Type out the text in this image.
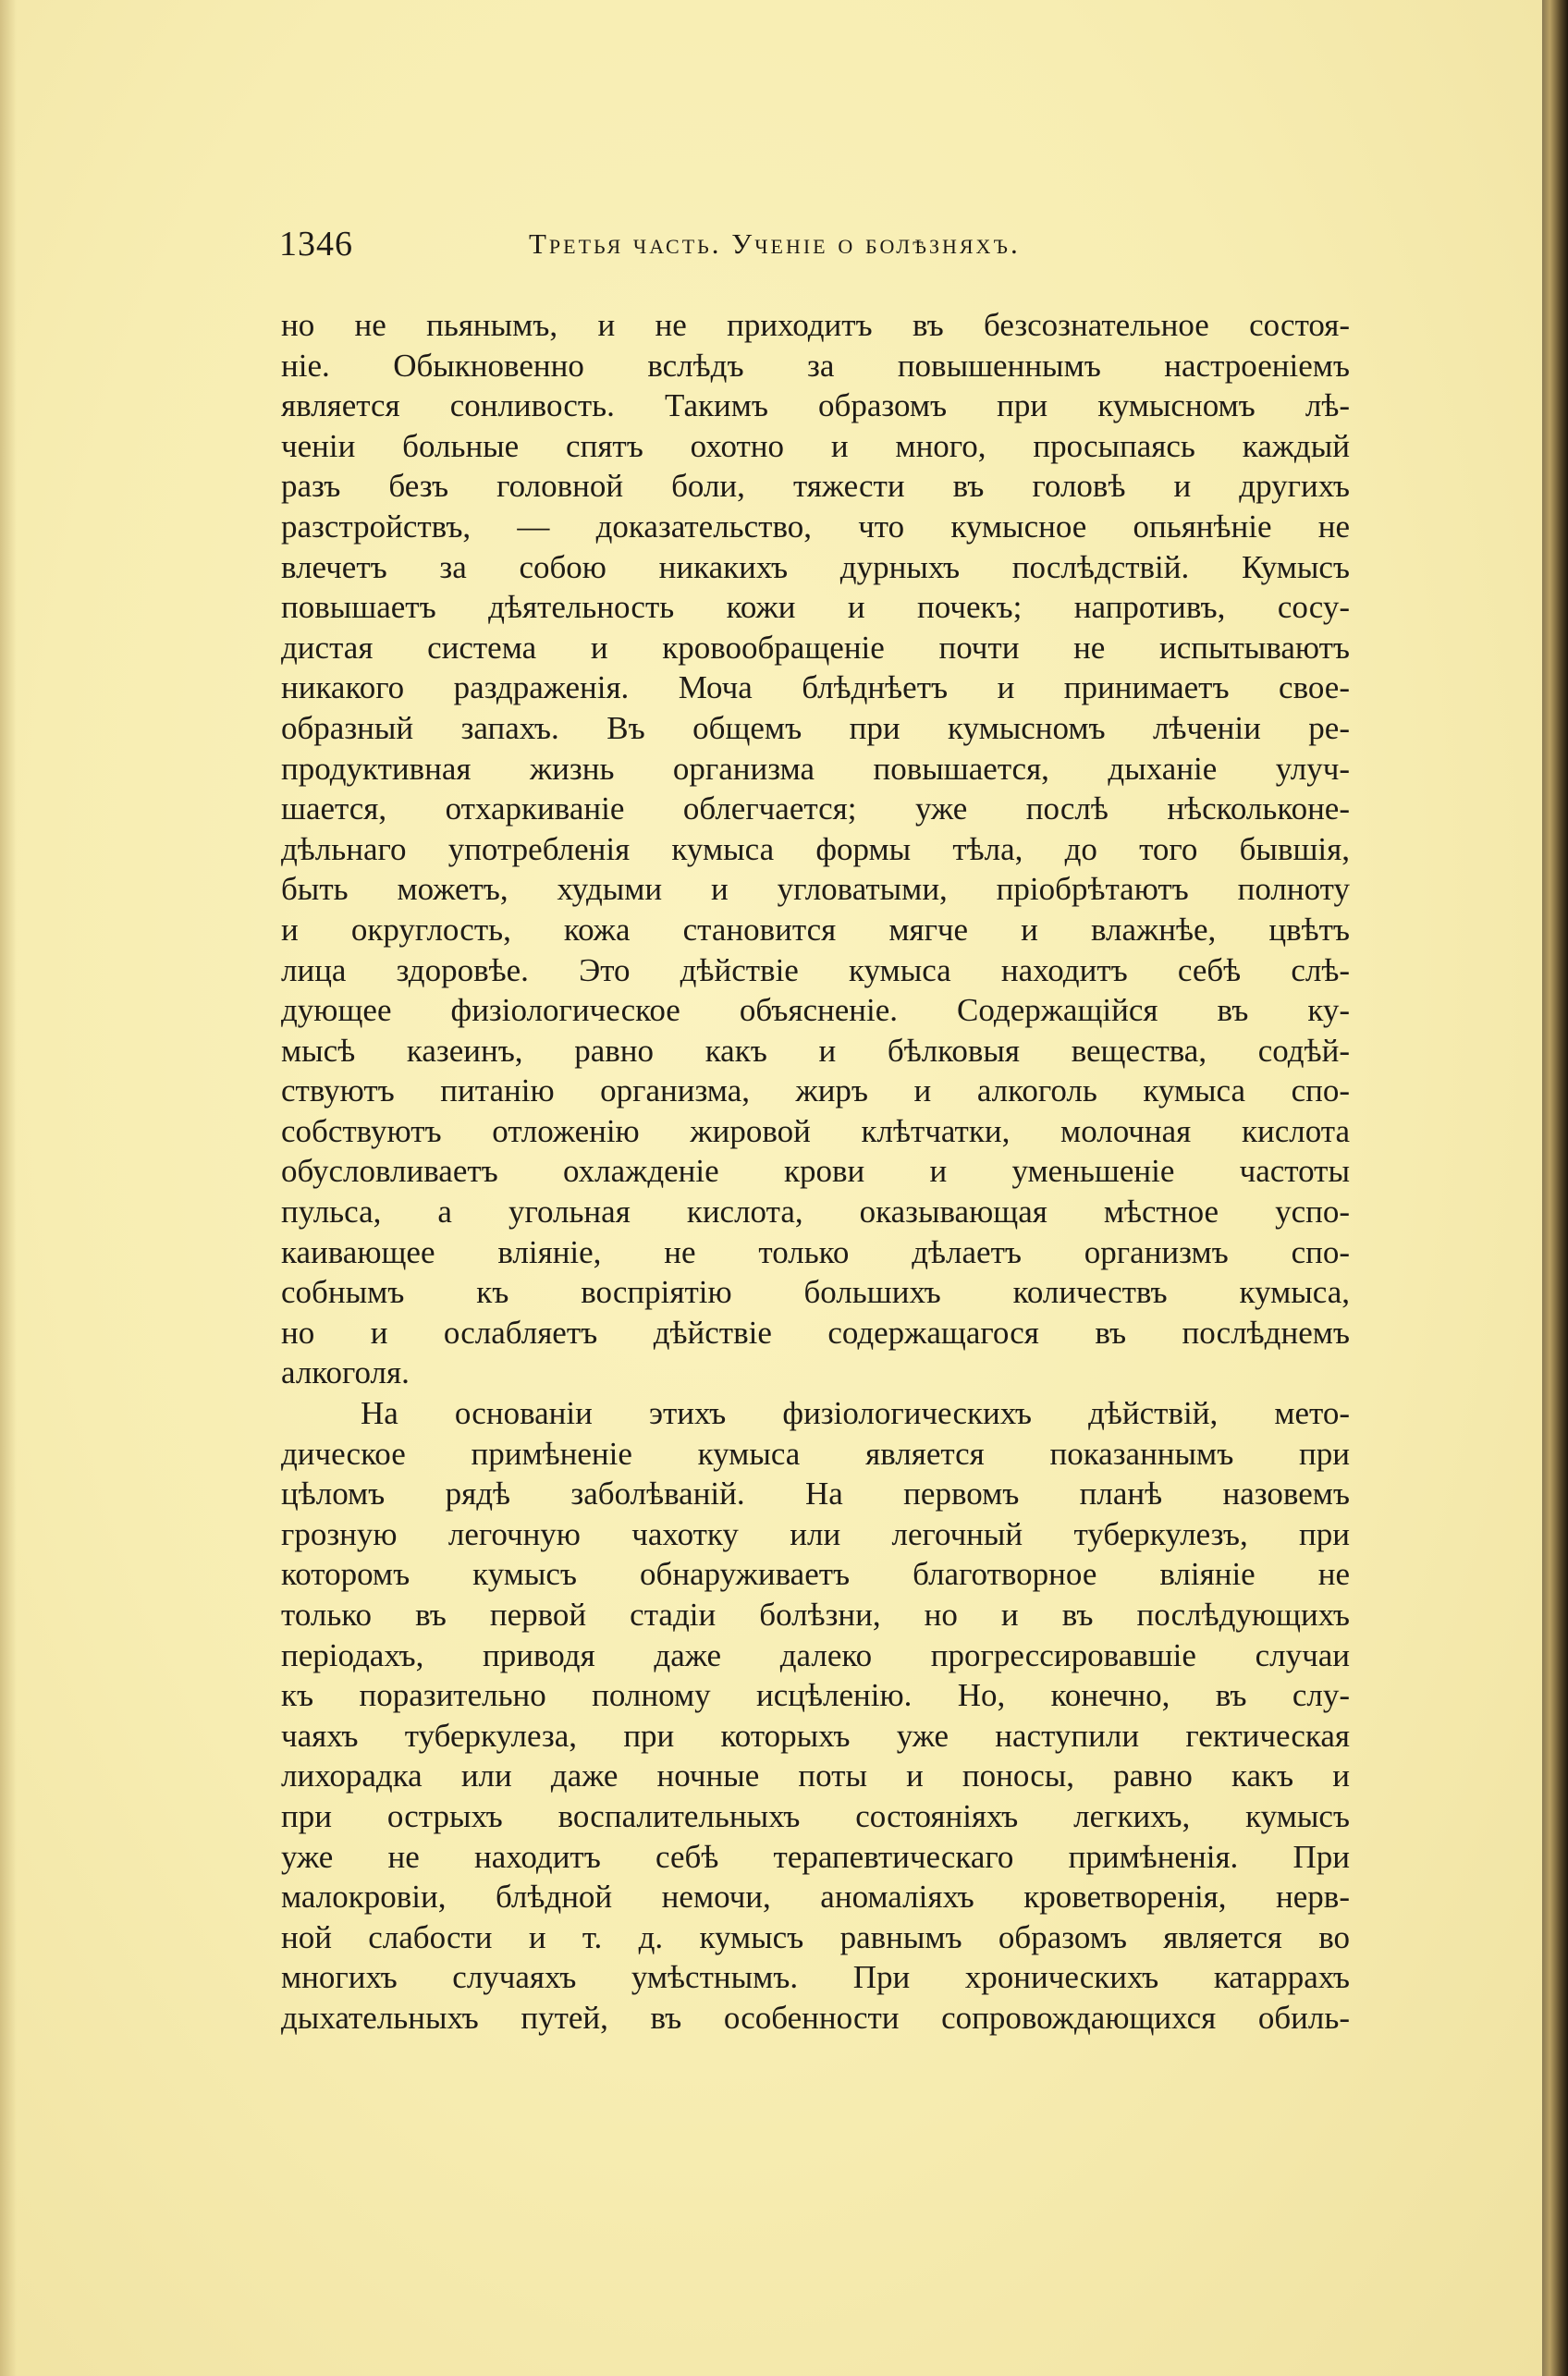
1346	Третья часть. Ученіе о болѣзняхъ.
но не пьянымъ, и не приходитъ въ безсознательное состоя-
ніе. Обыкновенно вслѣдъ за повышеннымъ настроеніемъ
является сонливость. Такимъ образомъ при кумысномъ лѣ-
ченіи больные спятъ охотно и много, просыпаясь каждый
разъ безъ головной боли, тяжести въ головѣ и другихъ
разстройствъ, — доказательство, что кумысное опьянѣніе не
влечетъ за собою никакихъ дурныхъ послѣдствій. Кумысъ
повышаетъ дѣятельность кожи и почекъ; напротивъ, сосу-
дистая система и кровообращеніе почти не испытываютъ
никакого раздраженія. Моча блѣднѣетъ и принимаетъ свое-
образный запахъ. Въ общемъ при кумысномъ лѣченіи ре-
продуктивная жизнь организма повышается, дыханіе улуч-
шается, отхаркиваніе облегчается; уже послѣ нѣскольконе-
дѣльнаго употребленія кумыса формы тѣла, до того бывшія,
быть можетъ, худыми и угловатыми, пріобрѣтаютъ полноту
и округлость, кожа становится мягче и влажнѣе, цвѣтъ
лица здоровѣе. Это дѣйствіе кумыса находитъ себѣ слѣ-
дующее физіологическое объясненіе. Содержащійся въ ку-
мысѣ казеинъ, равно какъ и бѣлковыя вещества, содѣй-
ствуютъ питанію организма, жиръ и алкоголь кумыса спо-
собствуютъ отложенію жировой клѣтчатки, молочная кислота
обусловливаетъ охлажденіе крови и уменьшеніе частоты
пульса, а угольная кислота, оказывающая мѣстное успо-
каивающее вліяніе, не только дѣлаетъ организмъ спо-
собнымъ къ воспріятію большихъ количествъ кумыса,
но и ослабляетъ дѣйствіе содержащагося въ послѣднемъ
алкоголя.
На основаніи этихъ физіологическихъ дѣйствій, мето-
дическое примѣненіе кумыса является показаннымъ при
цѣломъ рядѣ заболѣваній. На первомъ планѣ назовемъ
грозную легочную чахотку или легочный туберкулезъ, при
которомъ кумысъ обнаруживаетъ благотворное вліяніе не
только въ первой стадіи болѣзни, но и въ послѣдующихъ
періодахъ, приводя даже далеко прогрессировавшіе случаи
къ поразительно полному исцѣленію. Но, конечно, въ слу-
чаяхъ туберкулеза, при которыхъ уже наступили гектическая
лихорадка или даже ночные поты и поносы, равно какъ и
при острыхъ воспалительныхъ состояніяхъ легкихъ, кумысъ
уже не находитъ себѣ терапевтическаго примѣненія. При
малокровіи, блѣдной немочи, аномаліяхъ кроветворенія, нерв-
ной слабости и т. д. кумысъ равнымъ образомъ является во
многихъ случаяхъ умѣстнымъ. При хроническихъ катаррахъ
дыхательныхъ путей, въ особенности сопровождающихся обиль-
